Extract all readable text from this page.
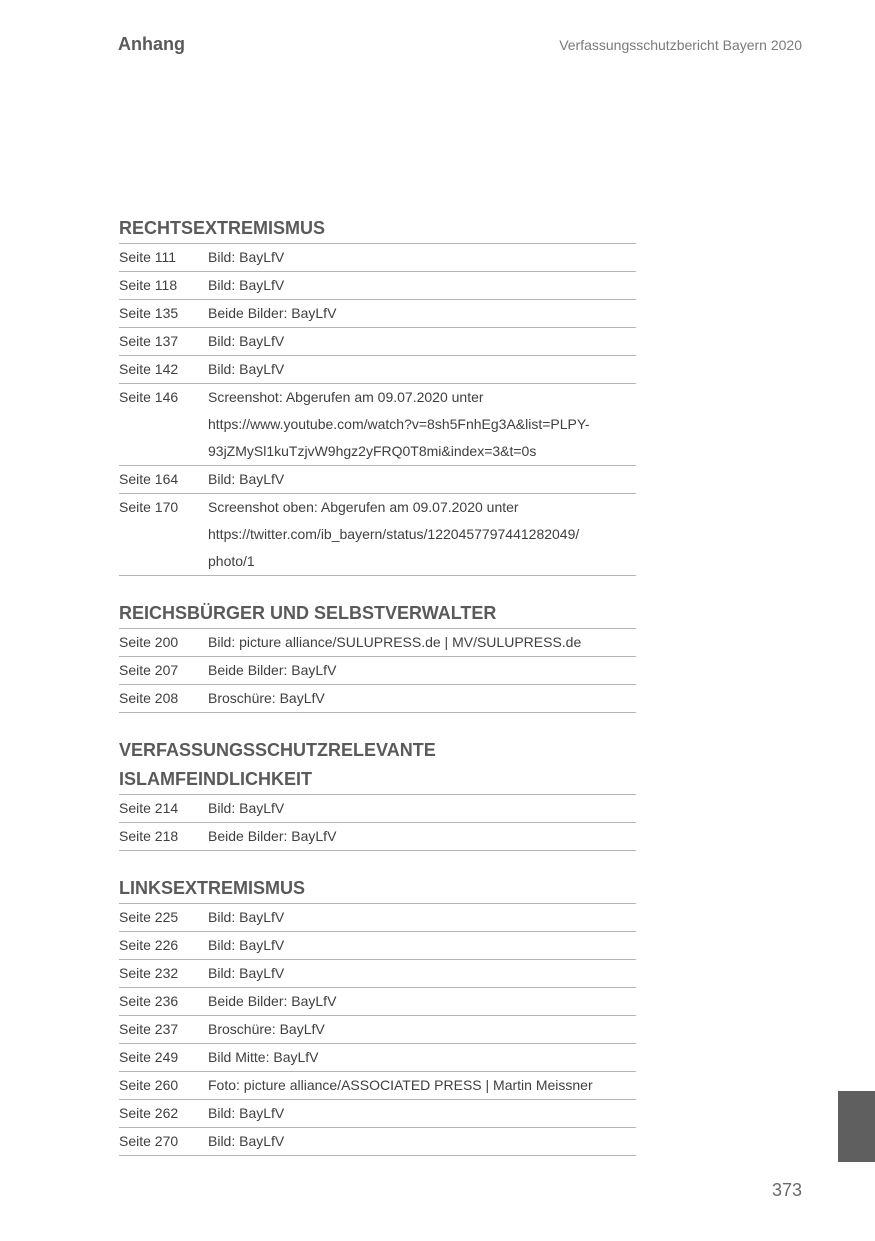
Anhang	Verfassungsschutzbericht Bayern 2020
RECHTSEXTREMISMUS
Seite 111	Bild: BayLfV
Seite 118	Bild: BayLfV
Seite 135	Beide Bilder: BayLfV
Seite 137	Bild: BayLfV
Seite 142	Bild: BayLfV
Seite 146	Screenshot: Abgerufen am 09.07.2020 unter
https://www.youtube.com/watch?v=8sh5FnhEg3A&list=PLPY-
93jZMySl1kuTzjvW9hgz2yFRQ0T8mi&index=3&t=0s
Seite 164	Bild: BayLfV
Seite 170	Screenshot oben: Abgerufen am 09.07.2020 unter
https://twitter.com/ib_bayern/status/1220457797441282049/
photo/1
REICHSBÜRGER UND SELBSTVERWALTER
Seite 200	Bild: picture alliance/SULUPRESS.de | MV/SULUPRESS.de
Seite 207	Beide Bilder: BayLfV
Seite 208	Broschüre: BayLfV
VERFASSUNGSSCHUTZRELEVANTE
ISLAMFEINDLICHKEIT
Seite 214	Bild: BayLfV
Seite 218	Beide Bilder: BayLfV
LINKSEXTREMISMUS
Seite 225	Bild: BayLfV
Seite 226	Bild: BayLfV
Seite 232	Bild: BayLfV
Seite 236	Beide Bilder: BayLfV
Seite 237	Broschüre: BayLfV
Seite 249	Bild Mitte: BayLfV
Seite 260	Foto: picture alliance/ASSOCIATED PRESS | Martin Meissner
Seite 262	Bild: BayLfV
Seite 270	Bild: BayLfV
373
